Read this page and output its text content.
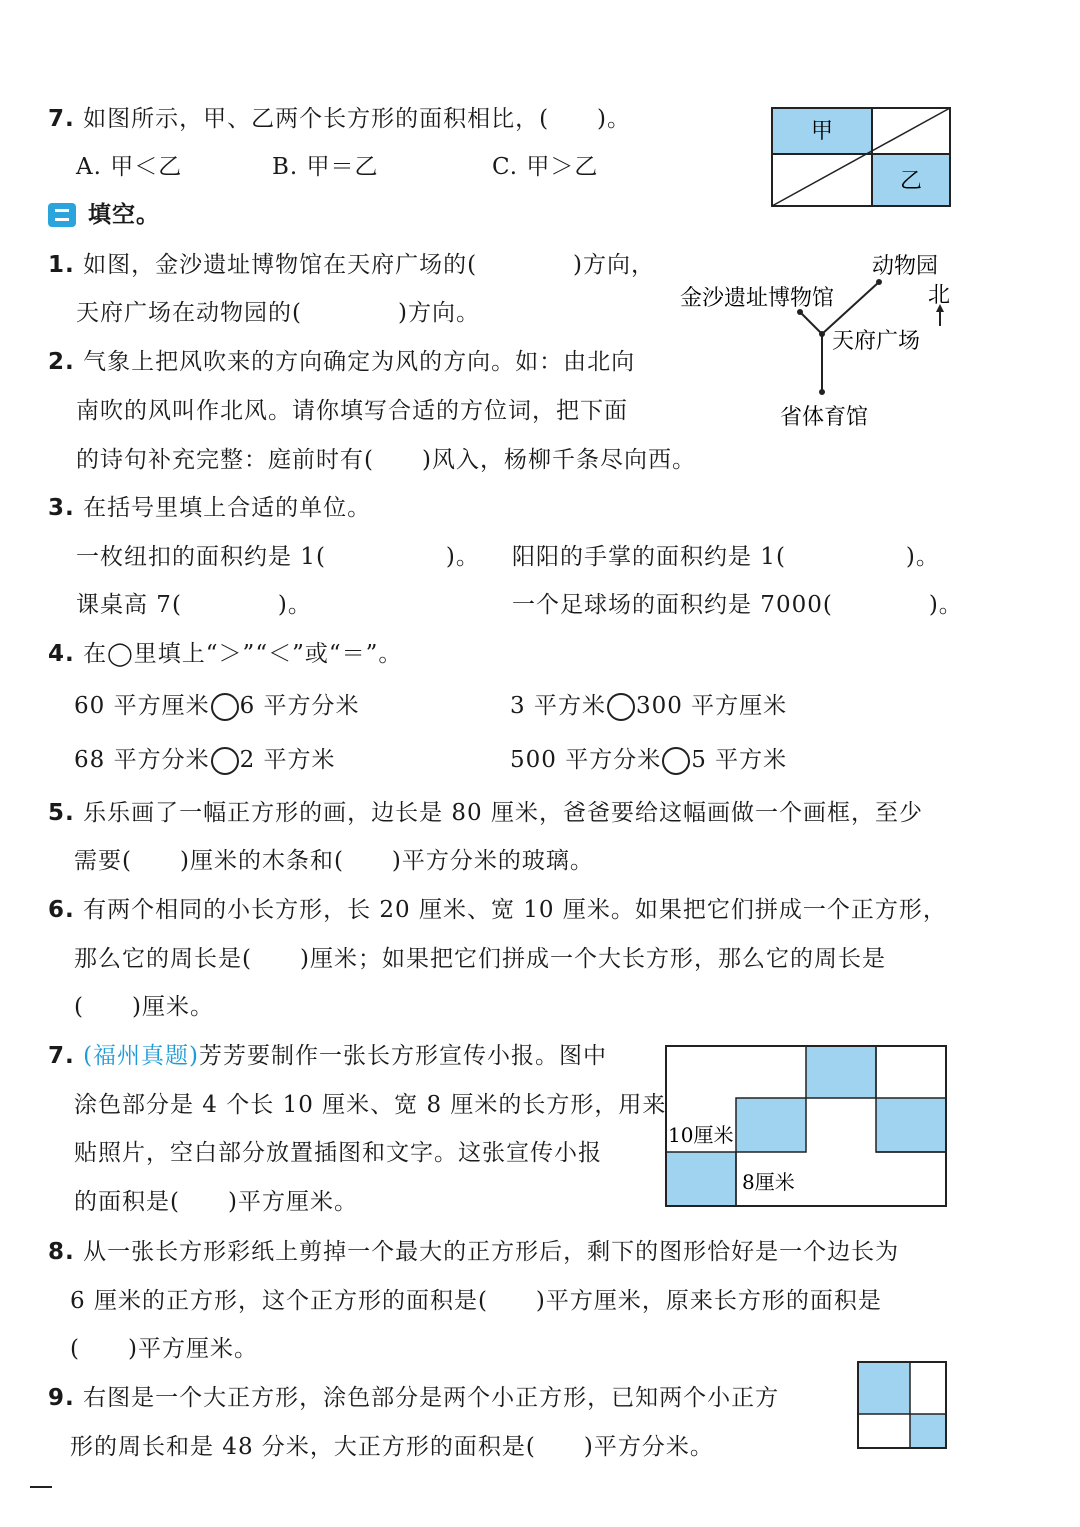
7. 如图所示，甲、乙两个长方形的面积相比，(　　)。
A. 甲＜乙	B. 甲＝乙	C. 甲＞乙
甲
乙
填空。
1. 如图，金沙遗址博物馆在天府广场的(　　　　)方向，
天府广场在动物园的(　　　　)方向。
动物园
金沙遗址博物馆	北
天府广场
省体育馆
2. 气象上把风吹来的方向确定为风的方向。如：由北向
南吹的风叫作北风。请你填写合适的方位词，把下面
的诗句补充完整：庭前时有(　　)风入，杨柳千条尽向西。
3. 在括号里填上合适的单位。
一枚纽扣的面积约是 1(　　　　　)。 阳阳的手掌的面积约是 1(　　　　　)。
课桌高 7(　　　　)。	一个足球场的面积约是 7000(　　　　)。
4. 在◯里填上“＞”“＜”或“＝”。
60 平方厘米 6 平方分米	3 平方米 300 平方厘米
68 平方分米 2 平方米	500 平方分米 5 平方米
5. 乐乐画了一幅正方形的画，边长是 80 厘米，爸爸要给这幅画做一个画框，至少
需要(　　)厘米的木条和(　　)平方分米的玻璃。
6. 有两个相同的小长方形，长 20 厘米、宽 10 厘米。如果把它们拼成一个正方形，
那么它的周长是(　　)厘米；如果把它们拼成一个大长方形，那么它的周长是
(　　)厘米。
7. (福州真题)芳芳要制作一张长方形宣传小报。图中
涂色部分是 4 个长 10 厘米、宽 8 厘米的长方形，用来
贴照片，空白部分放置插图和文字。这张宣传小报
的面积是(　　)平方厘米。
10厘米
8厘米
8. 从一张长方形彩纸上剪掉一个最大的正方形后，剩下的图形恰好是一个边长为
6 厘米的正方形，这个正方形的面积是(　　)平方厘米，原来长方形的面积是
(　　)平方厘米。
9. 右图是一个大正方形，涂色部分是两个小正方形，已知两个小正方
形的周长和是 48 分米，大正方形的面积是(　　)平方分米。
